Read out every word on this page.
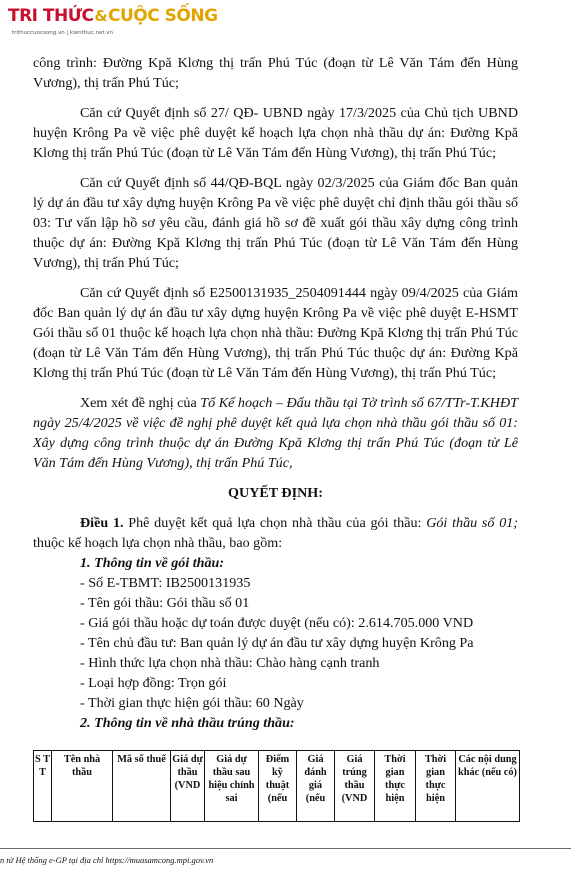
TRI THỨC&CUỘC SỐNG
trithuccuocsong.vn | kienthuc.net.vn

công trình: Đường Kpă Klơng thị trấn Phú Túc (đoạn từ Lê Văn Tám đến Hùng Vương), thị trấn Phú Túc;

Căn cứ Quyết định số 27/ QĐ- UBND ngày 17/3/2025 của Chủ tịch UBND huyện Krông Pa về việc phê duyệt kế hoạch lựa chọn nhà thầu dự án: Đường Kpă Klơng thị trấn Phú Túc (đoạn từ Lê Văn Tám đến Hùng Vương), thị trấn Phú Túc;

Căn cứ Quyết định số 44/QĐ-BQL ngày 02/3/2025 của Giám đốc Ban quản lý dự án đầu tư xây dựng huyện Krông Pa về việc phê duyệt chỉ định thầu gói thầu số 03: Tư vấn lập hồ sơ yêu cầu, đánh giá hồ sơ đề xuất gói thầu xây dựng công trình thuộc dự án: Đường Kpă Klơng thị trấn Phú Túc (đoạn từ Lê Văn Tám đến Hùng Vương), thị trấn Phú Túc;

Căn cứ Quyết định số E2500131935_2504091444 ngày 09/4/2025 của Giám đốc Ban quản lý dự án đầu tư xây dựng huyện Krông Pa về việc phê duyệt E-HSMT Gói thầu số 01 thuộc kế hoạch lựa chọn nhà thầu: Đường Kpă Klơng thị trấn Phú Túc (đoạn từ Lê Văn Tám đến Hùng Vương), thị trấn Phú Túc thuộc dự án: Đường Kpă Klơng thị trấn Phú Túc (đoạn từ Lê Văn Tám đến Hùng Vương), thị trấn Phú Túc;

Xem xét đề nghị của Tổ Kế hoạch – Đấu thầu tại Tờ trình số 67/TTr-T.KHĐT ngày 25/4/2025 về việc đề nghị phê duyệt kết quả lựa chọn nhà thầu gói thầu số 01: Xây dựng công trình thuộc dự án Đường Kpă Klơng thị trấn Phú Túc (đoạn từ Lê Văn Tám đến Hùng Vương), thị trấn Phú Túc,

QUYẾT ĐỊNH:

Điều 1. Phê duyệt kết quả lựa chọn nhà thầu của gói thầu: Gói thầu số 01; thuộc kế hoạch lựa chọn nhà thầu, bao gồm:

1. Thông tin về gói thầu:

- Số E-TBMT: IB2500131935

- Tên gói thầu: Gói thầu số 01

- Giá gói thầu hoặc dự toán được duyệt (nếu có): 2.614.705.000 VND

- Tên chủ đầu tư: Ban quản lý dự án đầu tư xây dựng huyện Krông Pa

- Hình thức lựa chọn nhà thầu: Chào hàng cạnh tranh

- Loại hợp đồng: Trọn gói

- Thời gian thực hiện gói thầu: 60 Ngày

2. Thông tin về nhà thầu trúng thầu:

S T T	Tên nhà thầu	Mã số thuế	Giá dự thầu (VND	Giá dự thầu sau hiệu chỉnh sai	Điểm kỹ thuật (nếu	Giá đánh giá (nếu	Giá trúng thầu (VND	Thời gian thực hiện	Thời gian thực hiện	Các nội dung khác (nếu có)
n từ Hệ thống e-GP tại địa chỉ https://muasamcong.mpi.gov.vn
